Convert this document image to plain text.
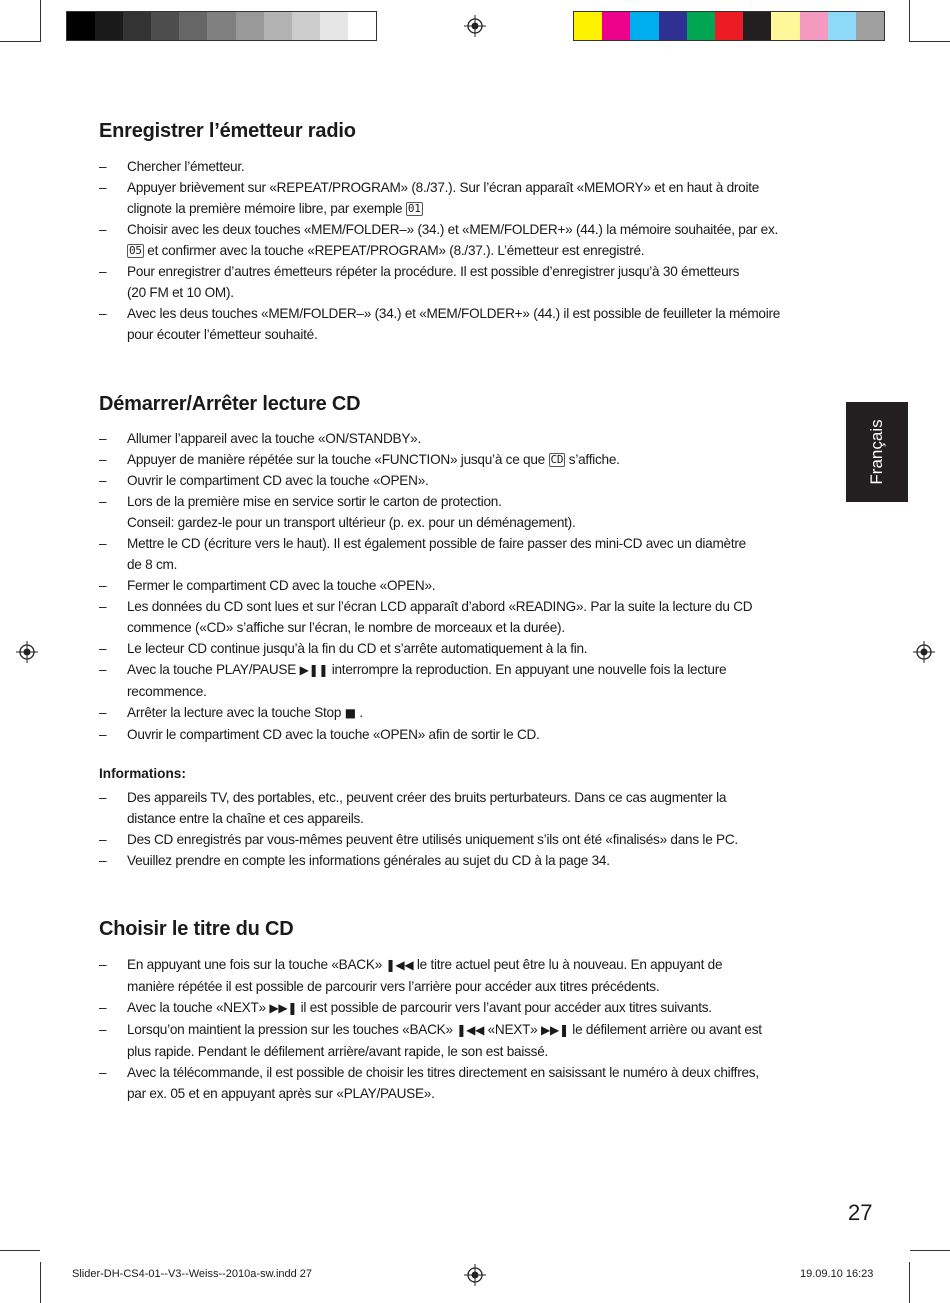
Enregistrer l’émetteur radio
– Chercher l’émetteur.
– Appuyer brièvement sur «REPEAT/PROGRAM» (8./37.). Sur l’écran apparaît «MEMORY» et en haut à droite
clignote la première mémoire libre, par exemple 01
– Choisir avec les deux touches «MEM/FOLDER–» (34.) et «MEM/FOLDER+» (44.) la mémoire souhaitée, par ex.
05 et confirmer avec la touche «REPEAT/PROGRAM» (8./37.). L’émetteur est enregistré.
– Pour enregistrer d’autres émetteurs répéter la procédure. Il est possible d’enregistrer jusqu’à 30 émetteurs
(20 FM et 10 OM).
– Avec les deus touches «MEM/FOLDER–» (34.) et «MEM/FOLDER+» (44.) il est possible de feuilleter la mémoire
pour écouter l’émetteur souhaité.
Démarrer/Arrêter lecture CD
– Allumer l’appareil avec la touche «ON/STANDBY».
– Appuyer de manière répétée sur la touche «FUNCTION» jusqu’à ce que CD s’affiche.
– Ouvrir le compartiment CD avec la touche «OPEN».
– Lors de la première mise en service sortir le carton de protection.
Conseil: gardez-le pour un transport ultérieur (p. ex. pour un déménagement).
– Mettre le CD (écriture vers le haut). Il est également possible de faire passer des mini-CD avec un diamètre
de 8 cm.
– Fermer le compartiment CD avec la touche «OPEN».
– Les données du CD sont lues et sur l’écran LCD apparaît d’abord «READING». Par la suite la lecture du CD
commence («CD» s’affiche sur l’écran, le nombre de morceaux et la durée).
– Le lecteur CD continue jusqu’à la fin du CD et s’arrête automatiquement à la fin.
– Avec la touche PLAY/PAUSE ▶❚❚ interrompre la reproduction. En appuyant une nouvelle fois la lecture
recommence.
– Arrêter la lecture avec la touche Stop ■ .
– Ouvrir le compartiment CD avec la touche «OPEN» afin de sortir le CD.

Informations:

– Des appareils TV, des portables, etc., peuvent créer des bruits perturbateurs. Dans ce cas augmenter la
distance entre la chaîne et ces appareils.
– Des CD enregistrés par vous-mêmes peuvent être utilisés uniquement s’ils ont été «finalisés» dans le PC.
– Veuillez prendre en compte les informations générales au sujet du CD à la page 34.
Choisir le titre du CD
– En appuyant une fois sur la touche «BACK» ❚◀◀ le titre actuel peut être lu à nouveau. En appuyant de
manière répétée il est possible de parcourir vers l’arrière pour accéder aux titres précédents.
– Avec la touche «NEXT» ▶▶❚ il est possible de parcourir vers l’avant pour accéder aux titres suivants.
– Lorsqu’on maintient la pression sur les touches «BACK» ❚◀◀ «NEXT» ▶▶❚ le défilement arrière ou avant est
plus rapide. Pendant le défilement arrière/avant rapide, le son est baissé.
– Avec la télécommande, il est possible de choisir les titres directement en saisissant le numéro à deux chiffres,
par ex. 05 et en appuyant après sur «PLAY/PAUSE».
Français
27
Slider-DH-CS4-01--V3--Weiss--2010a-sw.indd 27	19.09.10 16:23
